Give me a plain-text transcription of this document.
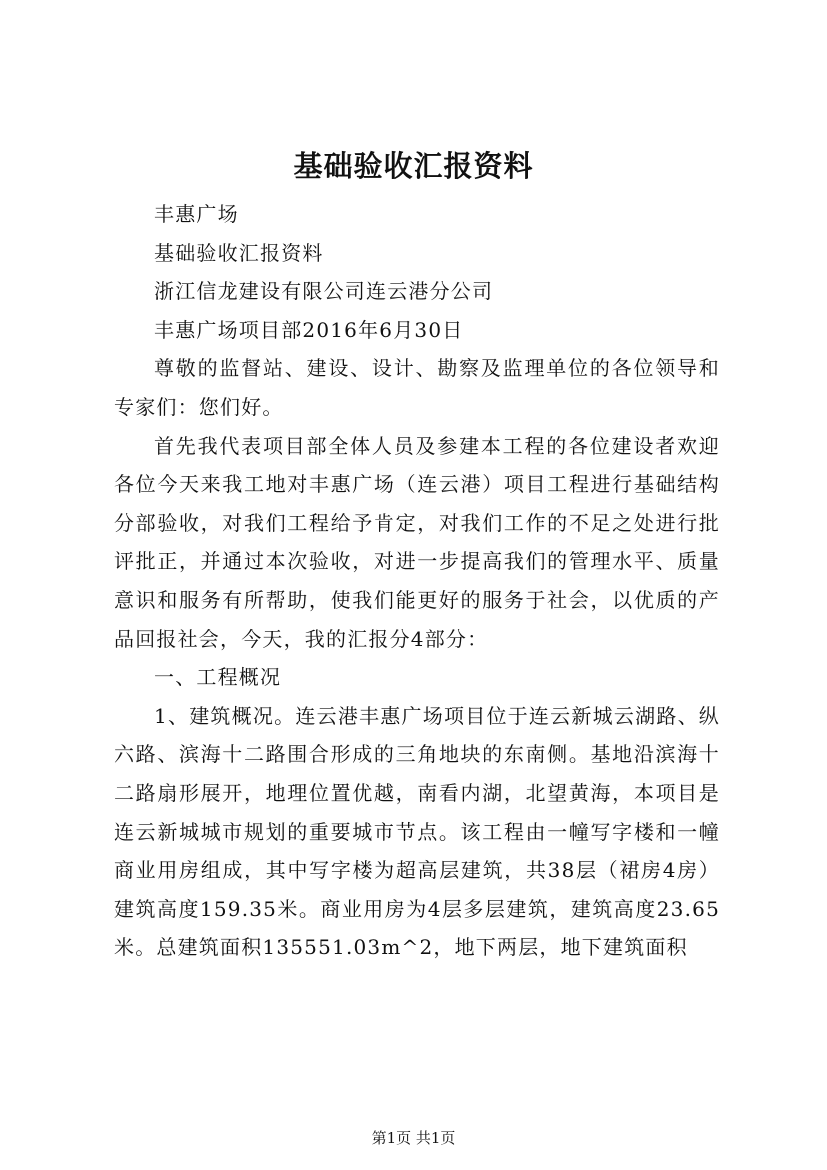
基础验收汇报资料

丰惠广场

基础验收汇报资料

浙江信龙建设有限公司连云港分公司

丰惠广场项目部2016年6月30日

尊敬的监督站、建设、设计、勘察及监理单位的各位领导和专家们：您们好。

首先我代表项目部全体人员及参建本工程的各位建设者欢迎各位今天来我工地对丰惠广场（连云港）项目工程进行基础结构分部验收，对我们工程给予肯定，对我们工作的不足之处进行批评批正，并通过本次验收，对进一步提高我们的管理水平、质量意识和服务有所帮助，使我们能更好的服务于社会，以优质的产品回报社会，今天，我的汇报分4部分：

一、工程概况

1、建筑概况。连云港丰惠广场项目位于连云新城云湖路、纵六路、滨海十二路围合形成的三角地块的东南侧。基地沿滨海十二路扇形展开，地理位置优越，南看内湖，北望黄海，本项目是连云新城城市规划的重要城市节点。该工程由一幢写字楼和一幢商业用房组成，其中写字楼为超高层建筑，共38层（裙房4房）建筑高度159.35米。商业用房为4层多层建筑，建筑高度23.65米。总建筑面积135551.03m^2，地下两层，地下建筑面积

第1页 共1页
